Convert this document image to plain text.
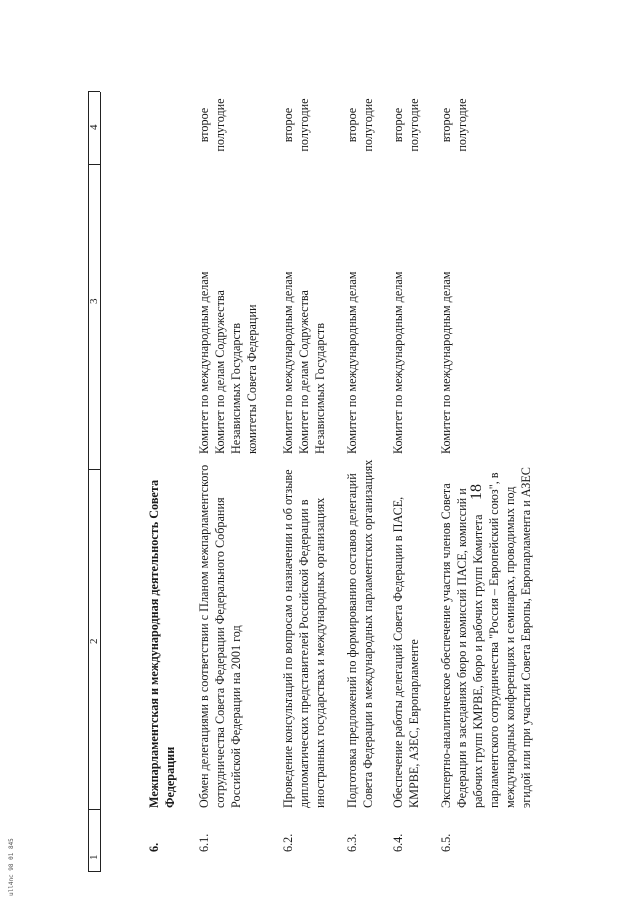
18
1
2
3
4
6.
Межпарламентская и международная деятельность Совета Федерации
6.1.
Обмен делегациями в соответствии с Планом межпарламентского сотрудничества Совета Федерации Федерального Собрания Российской Федерации на 2001 год
Комитет по международным делам Комитет по делам Содружества Независимых Государств комитеты Совета Федерации
второе полугодие
6.2.
Проведение консультаций по вопросам о назначении и об отзыве дипломатических представителей Российской Федерации в иностранных государствах и международных организациях
Комитет по международным делам Комитет по делам Содружества Независимых Государств
второе полугодие
6.3.
Подготовка предложений по формированию составов делегаций Совета Федерации в международных парламентских организациях
Комитет по международным делам
второе полугодие
6.4.
Обеспечение работы делегаций Совета Федерации в ПАСЕ, КМРВЕ, АЗЕС, Европарламенте
Комитет по международным делам
второе полугодие
6.5.
Экспертно-аналитическое обеспечение участия членов Совета Федерации в заседаниях бюро и комиссий ПАСЕ, комиссий и рабочих групп КМРВЕ, бюро и рабочих групп Комитета парламентского сотрудничества "Россия – Европейский союз", в международных конференциях и семинарах, проводимых под эгидой или при участии Совета Европы, Европарламента и АЗЕС
Комитет по международным делам
второе полугодие
ull4nc 98 01 845
